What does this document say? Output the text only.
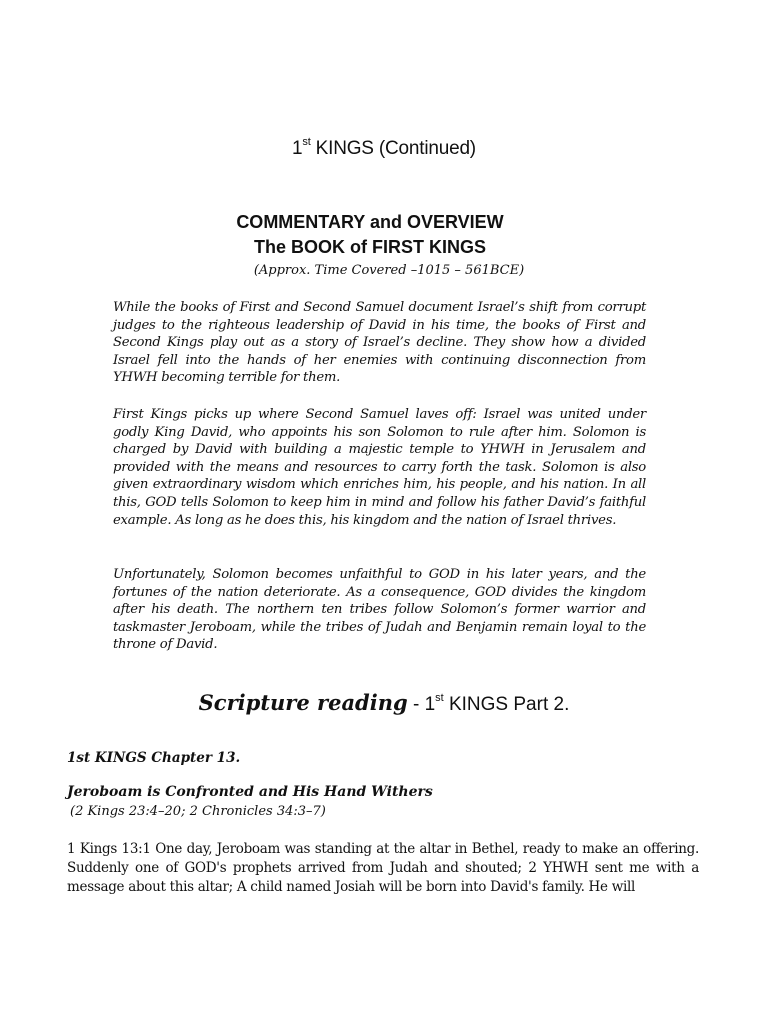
1st KINGS (Continued)
COMMENTARY and OVERVIEW
The BOOK of FIRST KINGS
(Approx. Time Covered –1015 – 561BCE)
While the books of First and Second Samuel document Israel’s shift from corrupt judges to the righteous leadership of David in his time, the books of First and Second Kings play out as a story of Israel’s decline. They show how a divided Israel fell into the hands of her enemies with continuing disconnection from YHWH becoming terrible for them.
First Kings picks up where Second Samuel laves off: Israel was united under godly King David, who appoints his son Solomon to rule after him. Solomon is charged by David with building a majestic temple to YHWH in Jerusalem and provided with the means and resources to carry forth the task. Solomon is also given extraordinary wisdom which enriches him, his people, and his nation. In all this, GOD tells Solomon to keep him in mind and follow his father David’s faithful example. As long as he does this, his kingdom and the nation of Israel thrives.
Unfortunately, Solomon becomes unfaithful to GOD in his later years, and the fortunes of the nation deteriorate. As a consequence, GOD divides the kingdom after his death. The northern ten tribes follow Solomon’s former warrior and taskmaster Jeroboam, while the tribes of Judah and Benjamin remain loyal to the throne of David.
Scripture reading - 1st KINGS Part 2.
1st KINGS Chapter 13.
Jeroboam is Confronted and His Hand Withers
(2 Kings 23:4–20; 2 Chronicles 34:3–7)
1 Kings 13:1 One day, Jeroboam was standing at the altar in Bethel, ready to make an offering. Suddenly one of GOD's prophets arrived from Judah and shouted; 2 YHWH sent me with a message about this altar; A child named Josiah will be born into David's family. He will
